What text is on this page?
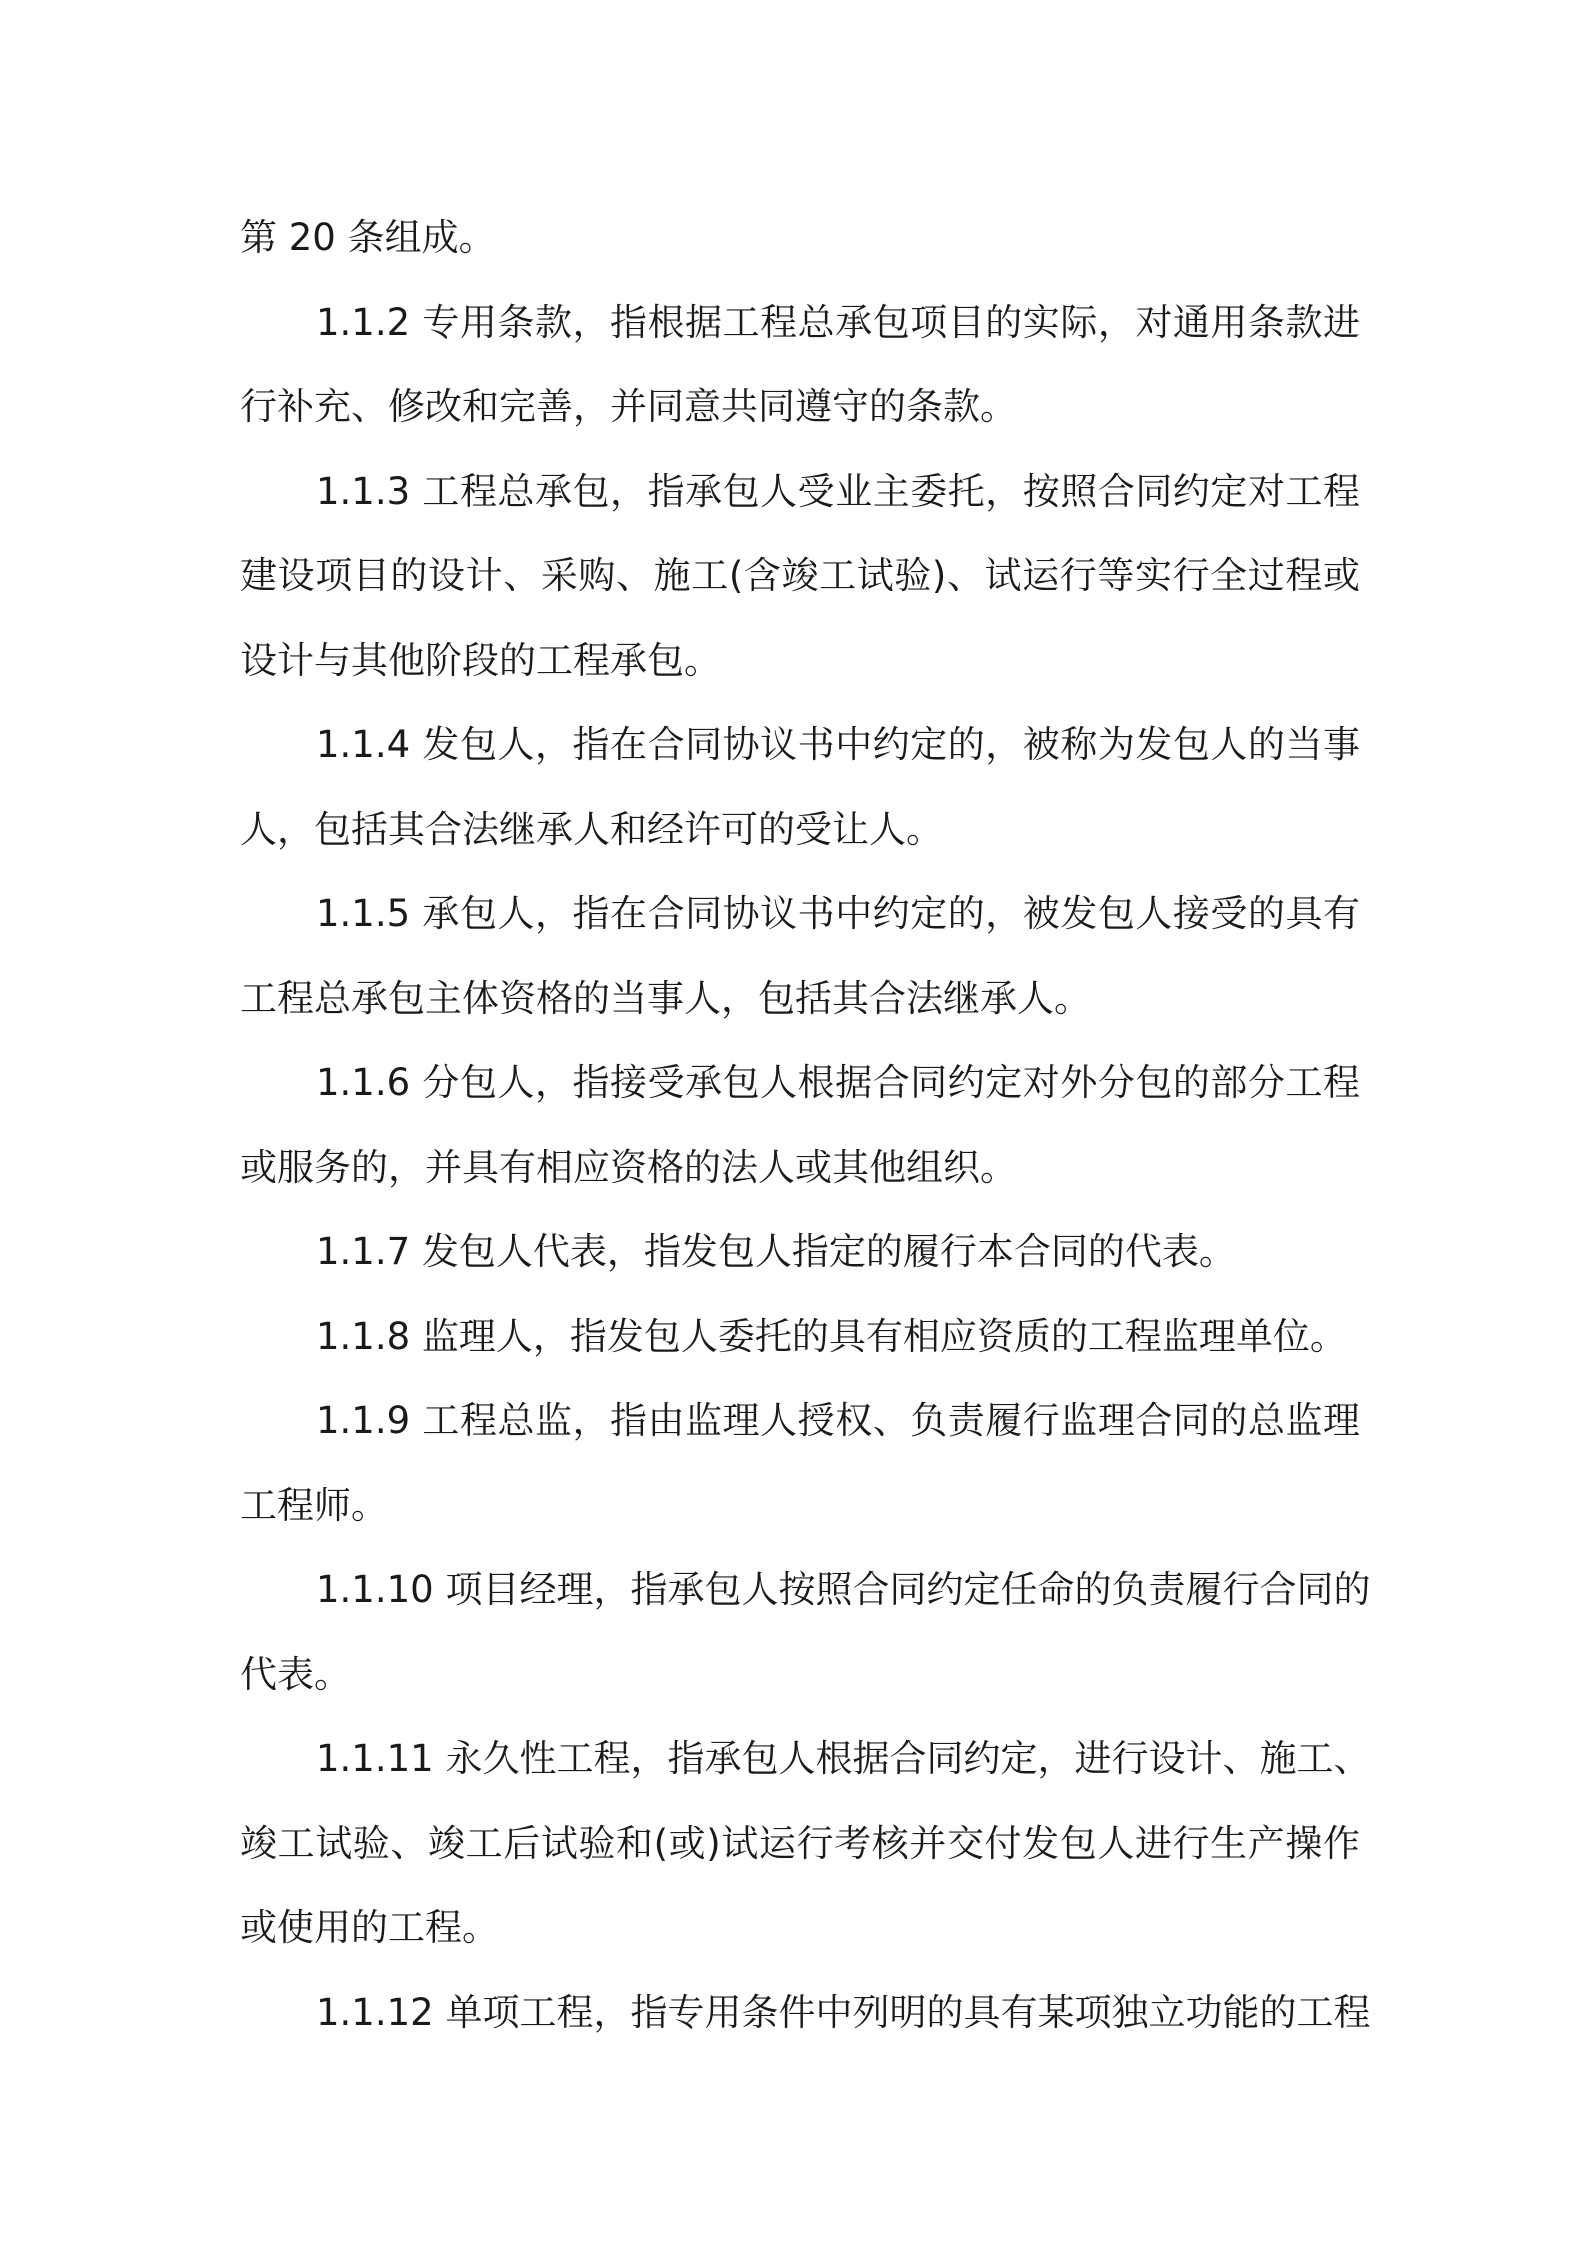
第 20 条组成。
1.1.2 专用条款，指根据工程总承包项目的实际，对通用条款进
行补充、修改和完善，并同意共同遵守的条款。
1.1.3 工程总承包，指承包人受业主委托，按照合同约定对工程
建设项目的设计、采购、施工(含竣工试验)、试运行等实行全过程或
设计与其他阶段的工程承包。
1.1.4 发包人，指在合同协议书中约定的，被称为发包人的当事
人，包括其合法继承人和经许可的受让人。
1.1.5 承包人，指在合同协议书中约定的，被发包人接受的具有
工程总承包主体资格的当事人，包括其合法继承人。
1.1.6 分包人，指接受承包人根据合同约定对外分包的部分工程
或服务的，并具有相应资格的法人或其他组织。
1.1.7 发包人代表，指发包人指定的履行本合同的代表。
1.1.8 监理人，指发包人委托的具有相应资质的工程监理单位。
1.1.9 工程总监，指由监理人授权、负责履行监理合同的总监理
工程师。
1.1.10 项目经理，指承包人按照合同约定任命的负责履行合同的
代表。
1.1.11 永久性工程，指承包人根据合同约定，进行设计、施工、
竣工试验、竣工后试验和(或)试运行考核并交付发包人进行生产操作
或使用的工程。
1.1.12 单项工程，指专用条件中列明的具有某项独立功能的工程
